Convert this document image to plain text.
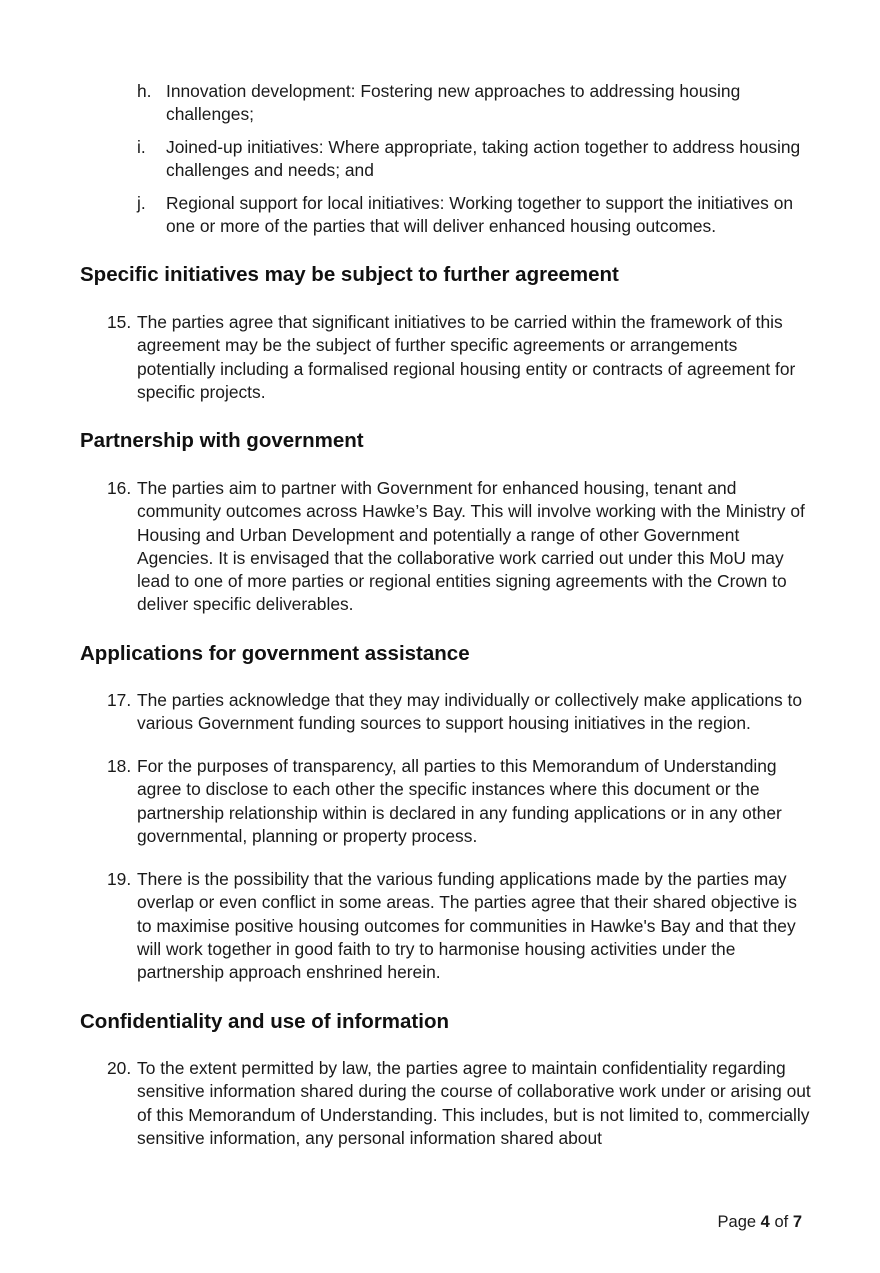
h. Innovation development: Fostering new approaches to addressing housing challenges;
i. Joined-up initiatives: Where appropriate, taking action together to address housing challenges and needs; and
j. Regional support for local initiatives: Working together to support the initiatives on one or more of the parties that will deliver enhanced housing outcomes.
Specific initiatives may be subject to further agreement
15. The parties agree that significant initiatives to be carried within the framework of this agreement may be the subject of further specific agreements or arrangements potentially including a formalised regional housing entity or contracts of agreement for specific projects.
Partnership with government
16. The parties aim to partner with Government for enhanced housing, tenant and community outcomes across Hawke’s Bay. This will involve working with the Ministry of Housing and Urban Development and potentially a range of other Government Agencies. It is envisaged that the collaborative work carried out under this MoU may lead to one of more parties or regional entities signing agreements with the Crown to deliver specific deliverables.
Applications for government assistance
17. The parties acknowledge that they may individually or collectively make applications to various Government funding sources to support housing initiatives in the region.
18. For the purposes of transparency, all parties to this Memorandum of Understanding agree to disclose to each other the specific instances where this document or the partnership relationship within is declared in any funding applications or in any other governmental, planning or property process.
19. There is the possibility that the various funding applications made by the parties may overlap or even conflict in some areas. The parties agree that their shared objective is to maximise positive housing outcomes for communities in Hawke's Bay and that they will work together in good faith to try to harmonise housing activities under the partnership approach enshrined herein.
Confidentiality and use of information
20. To the extent permitted by law, the parties agree to maintain confidentiality regarding sensitive information shared during the course of collaborative work under or arising out of this Memorandum of Understanding. This includes, but is not limited to, commercially sensitive information, any personal information shared about
Page 4 of 7
